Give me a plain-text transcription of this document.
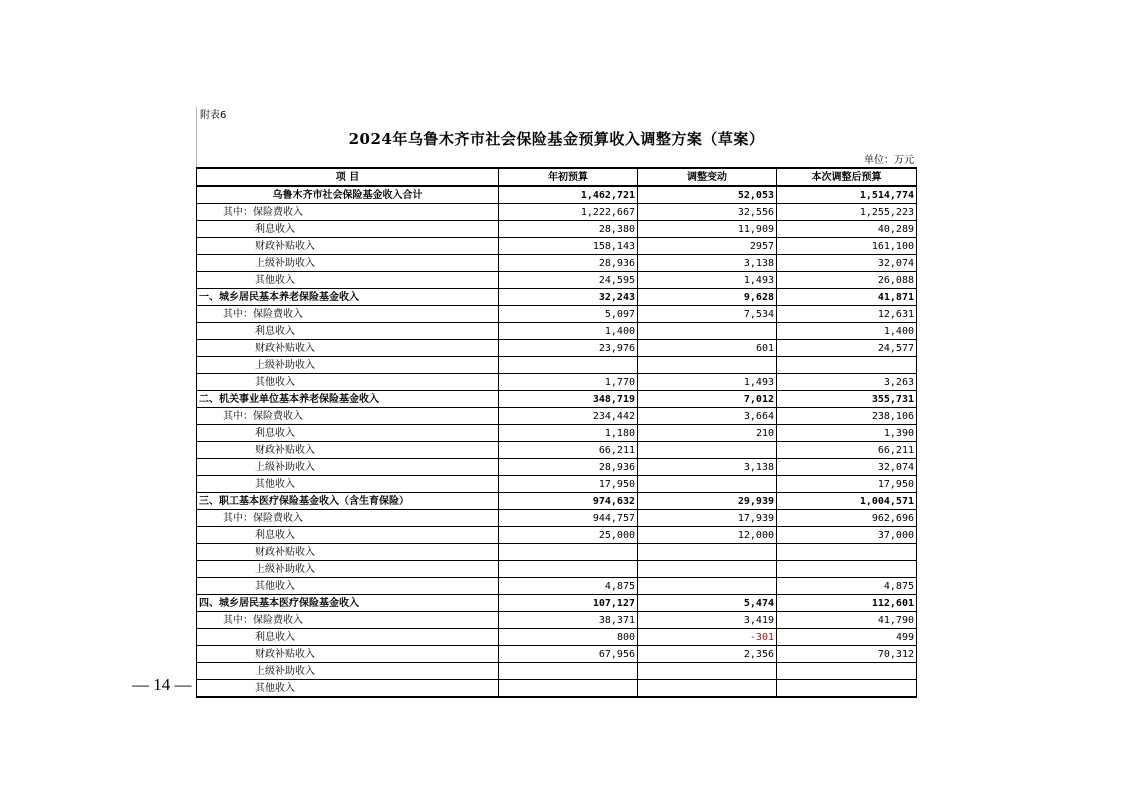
附表6
2024年乌鲁木齐市社会保险基金预算收入调整方案（草案）
单位：万元
项 目	年初预算	调整变动	本次调整后预算
乌鲁木齐市社会保险基金收入合计	1,462,721	52,053	1,514,774
其中：保险费收入	1,222,667	32,556	1,255,223
利息收入	28,380	11,909	40,289
财政补贴收入	158,143	2957	161,100
上级补助收入	28,936	3,138	32,074
其他收入	24,595	1,493	26,088
一、城乡居民基本养老保险基金收入	32,243	9,628	41,871
其中：保险费收入	5,097	7,534	12,631
利息收入	1,400		1,400
财政补贴收入	23,976	601	24,577
上级补助收入			
其他收入	1,770	1,493	3,263
二、机关事业单位基本养老保险基金收入	348,719	7,012	355,731
其中：保险费收入	234,442	3,664	238,106
利息收入	1,180	210	1,390
财政补贴收入	66,211		66,211
上级补助收入	28,936	3,138	32,074
其他收入	17,950		17,950
三、职工基本医疗保险基金收入（含生育保险）	974,632	29,939	1,004,571
其中：保险费收入	944,757	17,939	962,696
利息收入	25,000	12,000	37,000
财政补贴收入			
上级补助收入			
其他收入	4,875		4,875
四、城乡居民基本医疗保险基金收入	107,127	5,474	112,601
其中：保险费收入	38,371	3,419	41,790
利息收入	800	-301	499
财政补贴收入	67,956	2,356	70,312
上级补助收入			
其他收入			
— 14 —
